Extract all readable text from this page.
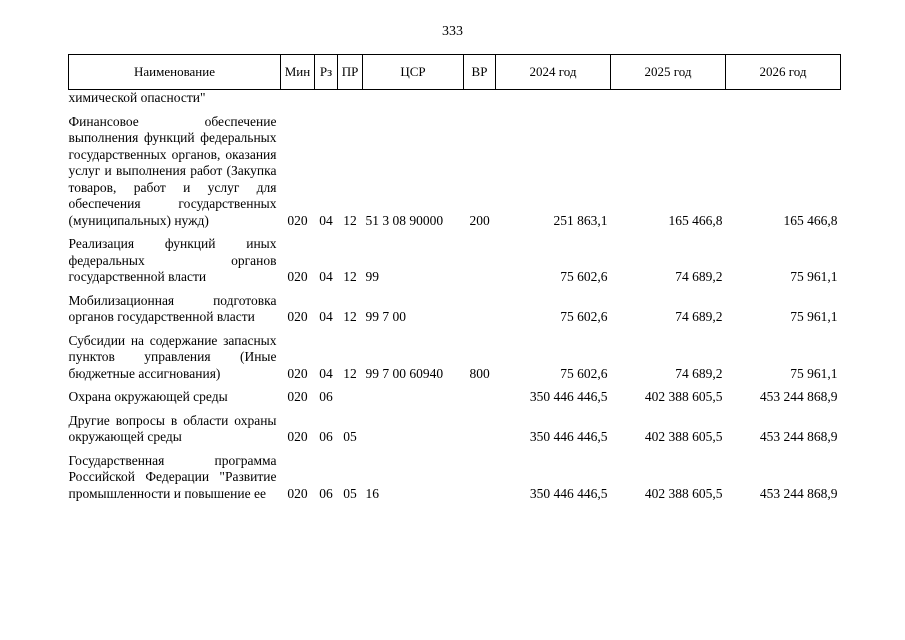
333
Наименование	Мин	Рз	ПР	ЦСР	ВР	2024 год	2025 год	2026 год
химической опасности"								

Финансовое обеспечение выполнения функций федеральных государственных органов, оказания услуг и выполнения работ (Закупка товаров, работ и услуг для обеспечения государственных (муниципальных) нужд)	020	04	12	51 3 08 90000	200	251 863,1	165 466,8	165 466,8

Реализация функций иных федеральных органов государственной власти	020	04	12	99		75 602,6	74 689,2	75 961,1

Мобилизационная подготовка органов государственной власти	020	04	12	99 7 00		75 602,6	74 689,2	75 961,1

Субсидии на содержание запасных пунктов управления (Иные бюджетные ассигнования)	020	04	12	99 7 00 60940	800	75 602,6	74 689,2	75 961,1

Охрана окружающей среды	020	06				350 446 446,5	402 388 605,5	453 244 868,9

Другие вопросы в области охраны окружающей среды	020	06	05			350 446 446,5	402 388 605,5	453 244 868,9

Государственная программа Российской Федерации "Развитие промышленности и повышение ее	020	06	05	16		350 446 446,5	402 388 605,5	453 244 868,9
